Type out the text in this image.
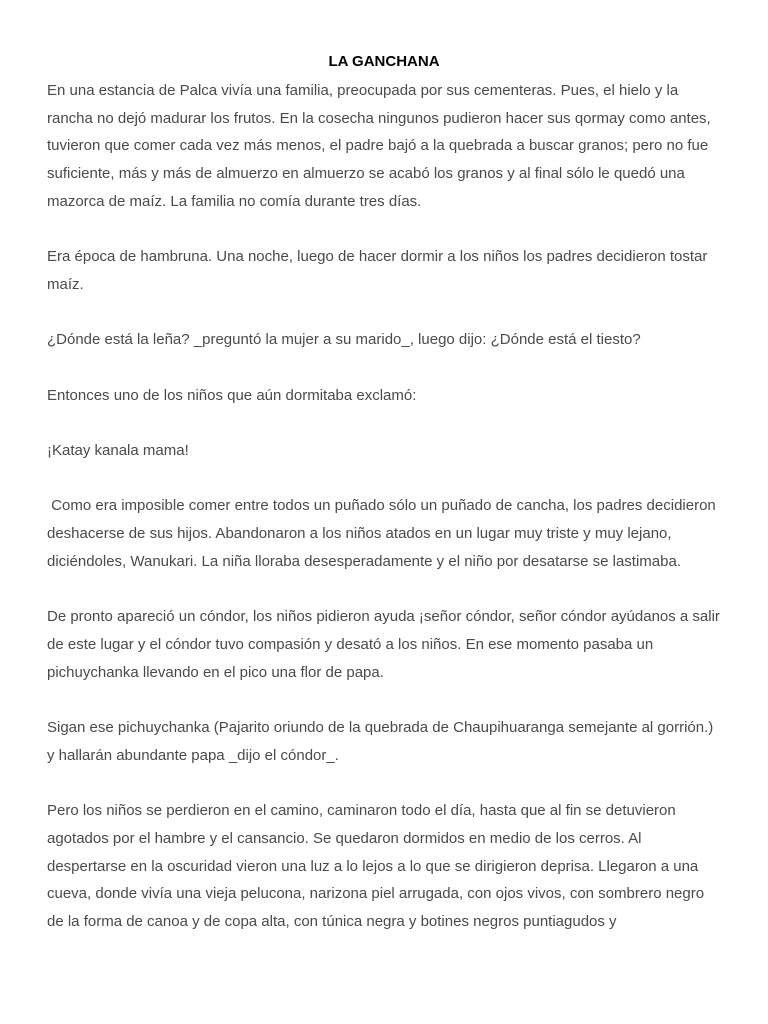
LA GANCHANA

En una estancia de Palca vivía una familia, preocupada por sus cementeras. Pues, el hielo y la rancha no dejó madurar los frutos. En la cosecha ningunos pudieron hacer sus qormay como antes, tuvieron que comer cada vez más menos, el padre bajó a la quebrada a buscar granos; pero no fue suficiente, más y más de almuerzo en almuerzo se acabó los granos y al final sólo le quedó una mazorca de maíz. La familia no comía durante tres días.

Era época de hambruna. Una noche, luego de hacer dormir a los niños los padres decidieron tostar maíz.

¿Dónde está la leña? _preguntó la mujer a su marido_, luego dijo: ¿Dónde está el tiesto?

Entonces uno de los niños que aún dormitaba exclamó:

¡Katay kanala mama!

Como era imposible comer entre todos un puñado sólo un puñado de cancha, los padres decidieron deshacerse de sus hijos. Abandonaron a los niños atados en un lugar muy triste y muy lejano, diciéndoles, Wanukari. La niña lloraba desesperadamente y el niño por desatarse se lastimaba.

De pronto apareció un cóndor, los niños pidieron ayuda ¡señor cóndor, señor cóndor ayúdanos a salir de este lugar y el cóndor tuvo compasión y desató a los niños. En ese momento pasaba un pichuychanka llevando en el pico una flor de papa.

Sigan ese pichuychanka (Pajarito oriundo de la quebrada de Chaupihuaranga semejante al gorrión.) y hallarán abundante papa _dijo el cóndor_.

Pero los niños se perdieron en el camino, caminaron todo el día, hasta que al fin se detuvieron agotados por el hambre y el cansancio. Se quedaron dormidos en medio de los cerros. Al despertarse en la oscuridad vieron una luz a lo lejos a lo que se dirigieron deprisa. Llegaron a una cueva, donde vivía una vieja pelucona, narizona piel arrugada, con ojos vivos, con sombrero negro de la forma de canoa y de copa alta, con túnica negra y botines negros puntiagudos y
